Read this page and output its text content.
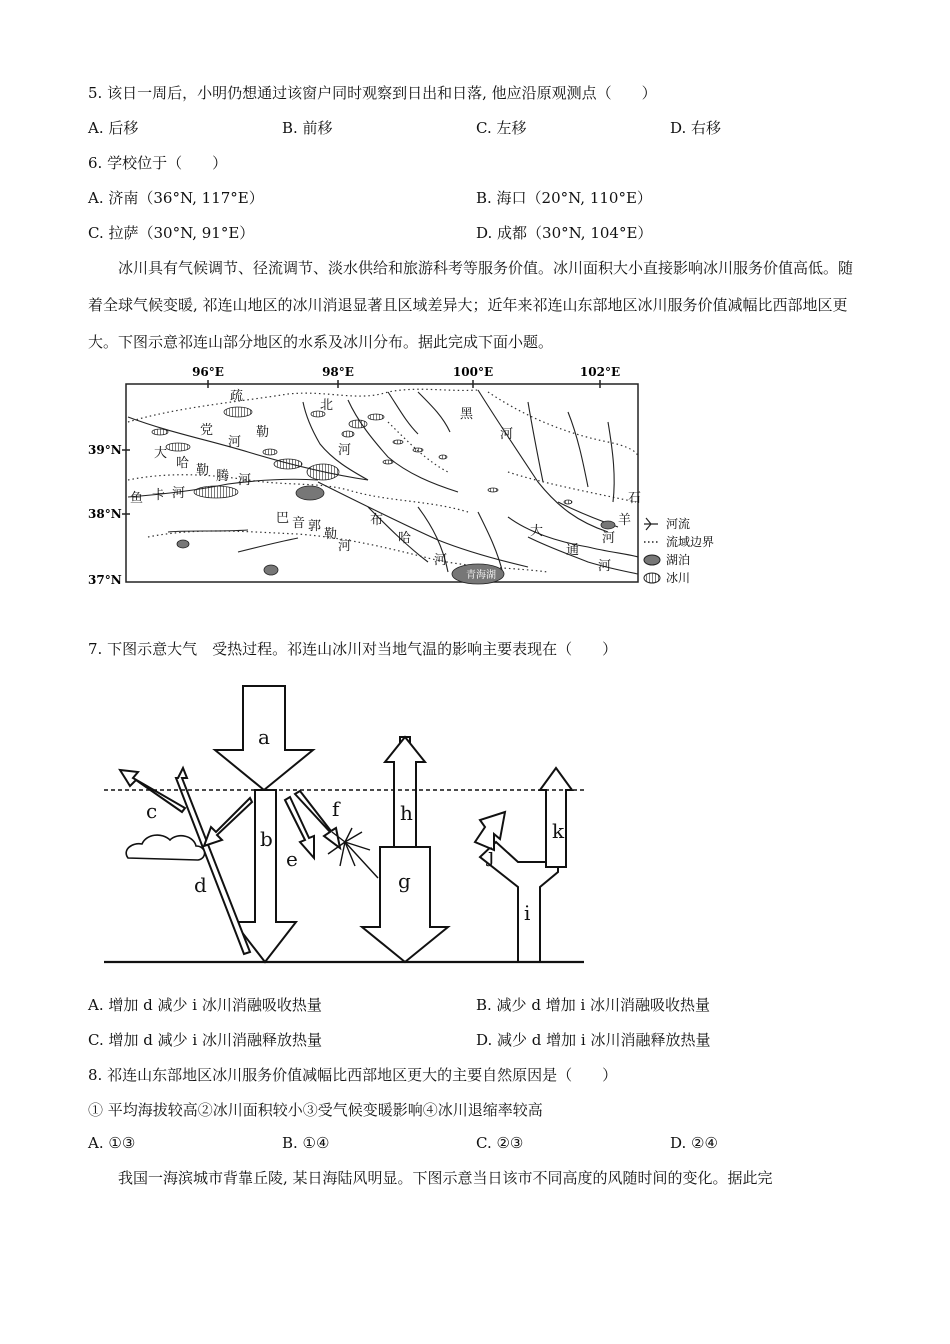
5. 该日一周后，小明仍想通过该窗户同时观察到日出和日落, 他应沿原观测点（　　）
A. 后移	B. 前移	C. 左移	D. 右移
6. 学校位于（　　）
A. 济南（36°N, 117°E）	B. 海口（20°N, 110°E）
C. 拉萨（30°N, 91°E）	D. 成都（30°N, 104°E）
冰川具有气候调节、径流调节、淡水供给和旅游科考等服务价值。冰川面积大小直接影响冰川服务价值高低。随着全球气候变暖, 祁连山地区的冰川消退显著且区域差异大；近年来祁连山东部地区冰川服务价值减幅比西部地区更大。下图示意祁连山部分地区的水系及冰川分布。据此完成下面小题。
96°E	98°E	100°E	102°E
39°N
38°N
37°N	青海湖
疏
勒
北
大
党
河
哈 勒 腾 河
鱼 卡 河
河
黑
河
巴 音 郭
勒
河
布
哈
河
石
羊
河
大
通
河
河流
流域边界
湖泊
冰川
7. 下图示意大气　受热过程。祁连山冰川对当地气温的影响主要表现在（　　）
a
b
c
d
e
f
g
h
i
j
k
A. 增加 d 减少 i 冰川消融吸收热量	B. 减少 d 增加 i 冰川消融吸收热量
C. 增加 d 减少 i 冰川消融释放热量	D. 减少 d 增加 i 冰川消融释放热量
8. 祁连山东部地区冰川服务价值减幅比西部地区更大的主要自然原因是（　　）
① 平均海拔较高②冰川面积较小③受气候变暖影响④冰川退缩率较高
A. ①③	B. ①④	C. ②③	D. ②④
我国一海滨城市背靠丘陵, 某日海陆风明显。下图示意当日该市不同高度的风随时间的变化。据此完
